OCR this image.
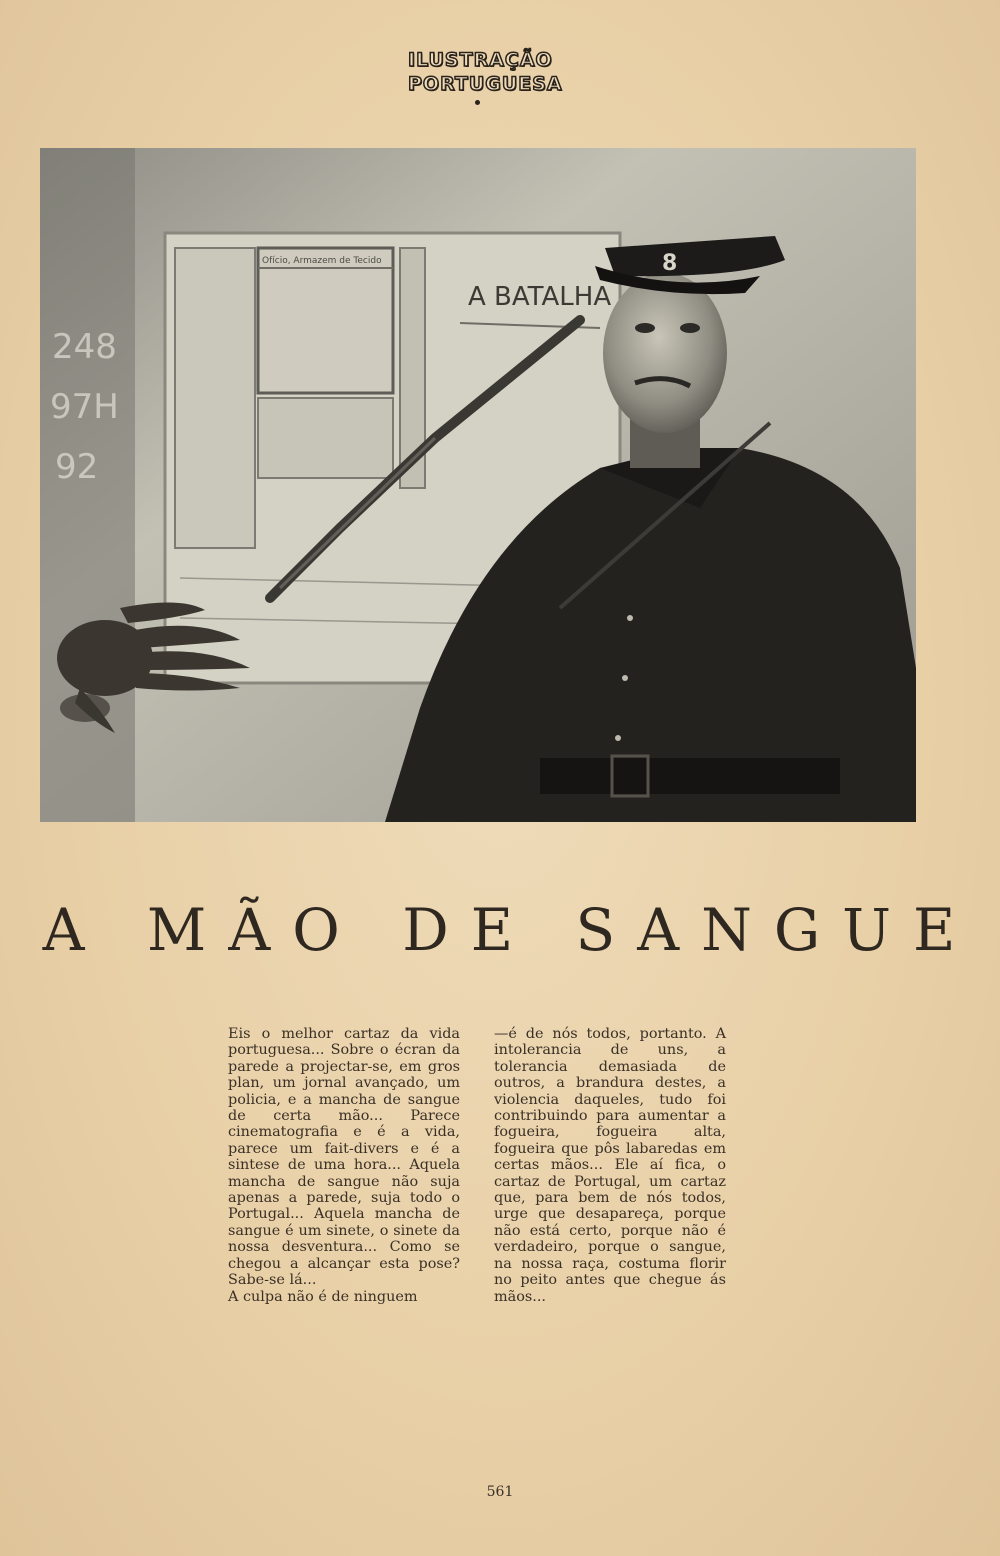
ILUSTRAÇÃO
PORTUGUESA
Ofício, Armazem de Tecido
A BATALHA
248
97H
92
8
A MÃO DE SANGUE

Eis o melhor cartaz da vida portuguesa... Sobre o écran da parede a projectar-se, em gros plan, um jornal avançado, um policia, e a mancha de sangue de certa mão... Parece cinematografia e é a vida, parece um fait-divers e é a sintese de uma hora... Aquela mancha de sangue não suja apenas a parede, suja todo o Portugal... Aquela mancha de sangue é um sinete, o sinete da nossa desventura... Como se chegou a alcançar esta pose? Sabe-se lá...
A culpa não é de ninguem

—é de nós todos, portanto. A intolerancia de uns, a tolerancia demasiada de outros, a brandura destes, a violencia daqueles, tudo foi contribuindo para aumentar a fogueira, fogueira alta, fogueira que pôs labaredas em certas mãos... Ele aí fica, o cartaz de Portugal, um cartaz que, para bem de nós todos, urge que desapareça, porque não está certo, porque não é verdadeiro, porque o sangue, na nossa raça, costuma florir no peito antes que chegue ás mãos...

561
